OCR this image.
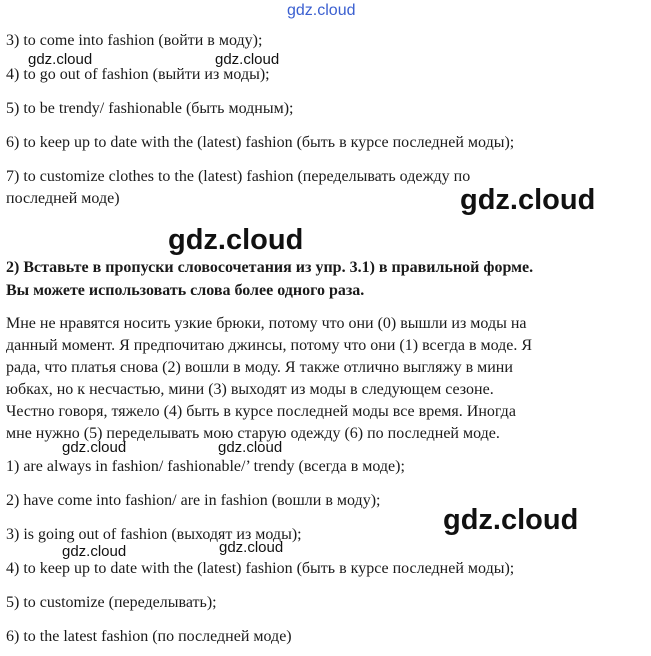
gdz.cloud
gdz.cloud	gdz.cloud
gdz.cloud
gdz.cloud
gdz.cloud	gdz.cloud
gdz.cloud
gdz.cloud	gdz.cloud
3) to come into fashion (войти в моду);
4) to go out of fashion (выйти из моды);
5) to be trendy/ fashionable (быть модным);
6) to keep up to date with the (latest) fashion (быть в курсе последней моды);
7) to customize clothes to the (latest) fashion (переделывать одежду по
последней моде)
2) Вставьте в пропуски словосочетания из упр. 3.1) в правильной форме.
Вы можете использовать слова более одного раза.
Мне не нравятся носить узкие брюки, потому что они (0) вышли из моды на
данный момент. Я предпочитаю джинсы, потому что они (1) всегда в моде. Я
рада, что платья снова (2) вошли в моду. Я также отлично выгляжу в мини
юбках, но к несчастью, мини (3) выходят из моды в следующем сезоне.
Честно говоря, тяжело (4) быть в курсе последней моды все время. Иногда
мне нужно (5) переделывать мою старую одежду (6) по последней моде.
1) are always in fashion/ fashionable/’ trendy (всегда в моде);
2) have come into fashion/ are in fashion (вошли в моду);
3) is going out of fashion (выходят из моды);
4) to keep up to date with the (latest) fashion (быть в курсе последней моды);
5) to customize (переделывать);
6) to the latest fashion (по последней моде)
